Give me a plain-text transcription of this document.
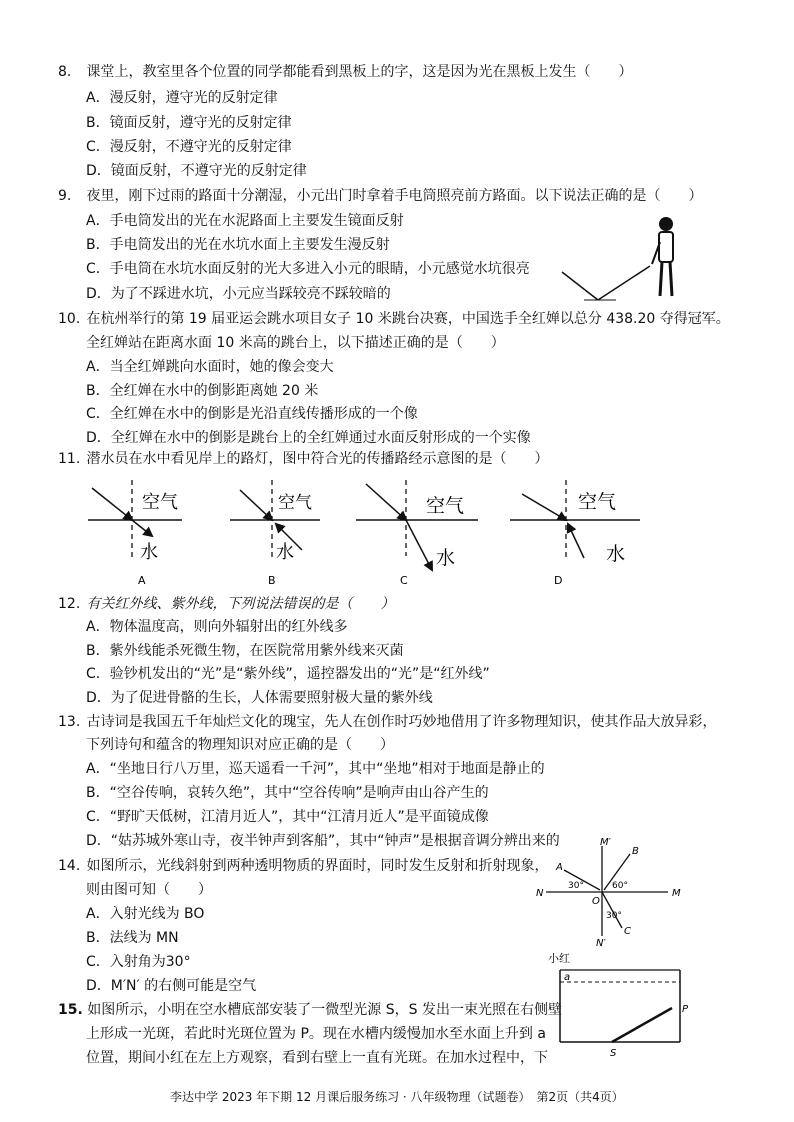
8. 课堂上，教室里各个位置的同学都能看到黑板上的字，这是因为光在黑板上发生（　　）
A．漫反射，遵守光的反射定律
B．镜面反射，遵守光的反射定律
C．漫反射，不遵守光的反射定律
D．镜面反射，不遵守光的反射定律
9. 夜里，刚下过雨的路面十分潮湿，小元出门时拿着手电筒照亮前方路面。以下说法正确的是（　　）
A．手电筒发出的光在水泥路面上主要发生镜面反射
B．手电筒发出的光在水坑水面上主要发生漫反射
C．手电筒在水坑水面反射的光大多进入小元的眼睛，小元感觉水坑很亮
D．为了不踩进水坑，小元应当踩较亮不踩较暗的
10. 在杭州举行的第 19 届亚运会跳水项目女子 10 米跳台决赛，中国选手全红婵以总分 438.20 夺得冠军。
全红婵站在距离水面 10 米高的跳台上，以下描述正确的是（　　）
A．当全红婵跳向水面时，她的像会变大
B．全红婵在水中的倒影距离她 20 米
C．全红婵在水中的倒影是光沿直线传播形成的一个像
D．全红婵在水中的倒影是跳台上的全红婵通过水面反射形成的一个实像
11. 潜水员在水中看见岸上的路灯，图中符合光的传播路经示意图的是（　　）
空气
水
A
空气
水
B
空气
水
C
空气
水
D
12. 有关红外线、紫外线，下列说法错误的是（　　）
A．物体温度高，则向外辐射出的红外线多
B．紫外线能杀死微生物，在医院常用紫外线来灭菌
C．验钞机发出的“光”是“紫外线”，遥控器发出的“光”是“红外线”
D．为了促进骨骼的生长，人体需要照射极大量的紫外线
13. 古诗词是我国五千年灿烂文化的瑰宝，先人在创作时巧妙地借用了许多物理知识，使其作品大放异彩，
下列诗句和蕴含的物理知识对应正确的是（　　）
A．“坐地日行八万里，巡天遥看一千河”，其中“坐地”相对于地面是静止的
B．“空谷传响，哀转久绝”，其中“空谷传响”是响声由山谷产生的
C．“野旷天低树，江清月近人”，其中“江清月近人”是平面镜成像
D．“姑苏城外寒山寺，夜半钟声到客船”，其中“钟声”是根据音调分辨出来的
14. 如图所示，光线斜射到两种透明物质的界面时，同时发生反射和折射现象，
则由图可知（　　）
A．入射光线为 BO
B．法线为 MN
C．入射角为30°
D．M′N′ 的右侧可能是空气
M′
N′
N	M
O
A
B
C
30°	60°
30°
15. 如图所示，小明在空水槽底部安装了一微型光源 S，S 发出一束光照在右侧壁
上形成一光斑，若此时光斑位置为 P。现在水槽内缓慢加水至水面上升到 a
位置，期间小红在左上方观察，看到右壁上一直有光斑。在加水过程中，下
小红
a
P
S
李达中学 2023 年下期 12 月课后服务练习 · 八年级物理（试题卷）　第2页（共4页）
